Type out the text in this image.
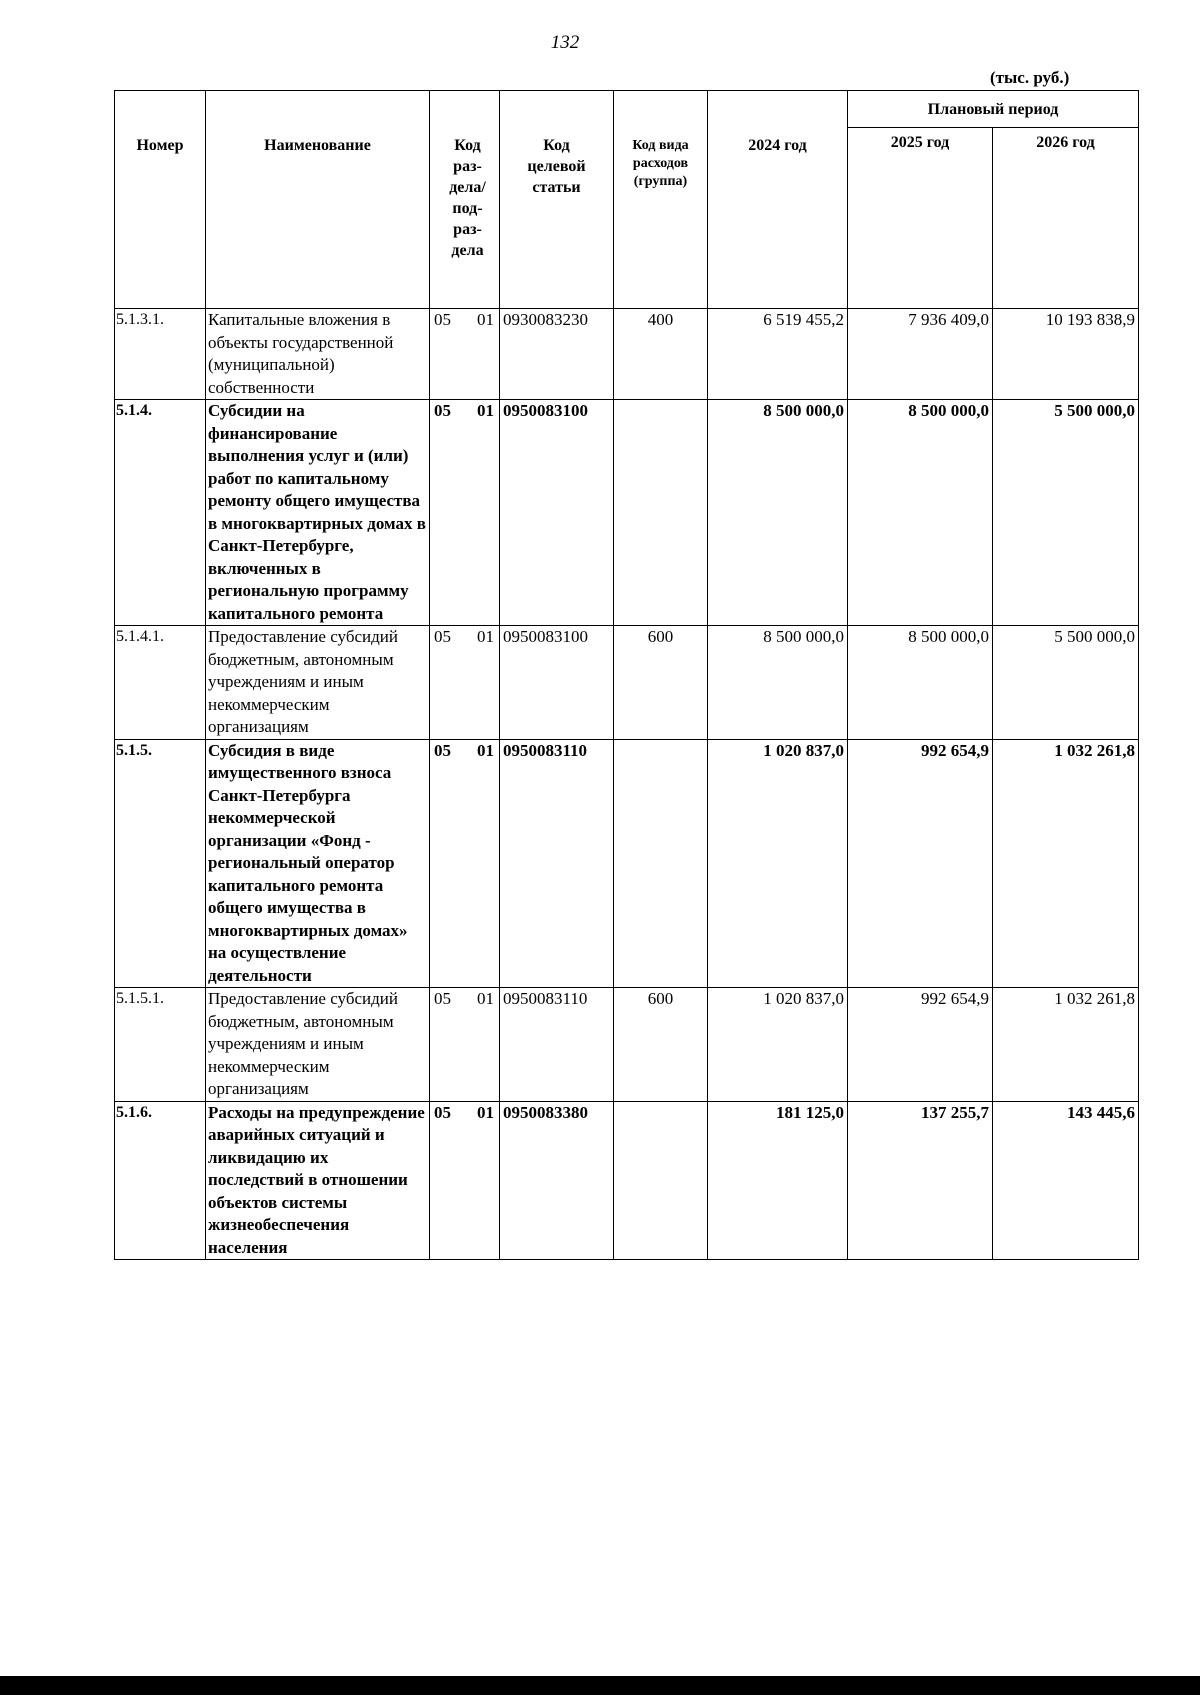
132
(тыс. руб.)
Номер	Наименование	Код раз-дела/ под-раз-дела	Код целевой статьи	Код вида расходов (группа)	2024 год	Плановый период	
						2025 год	2026 год
5.1.3.1.	Капитальные вложения в объекты государственной (муниципальной) собственности	05 01	0930083230	400	6 519 455,2	7 936 409,0	10 193 838,9
5.1.4.	Субсидии на финансирование выполнения услуг и (или) работ по капитальному ремонту общего имущества в многоквартирных домах в Санкт-Петербурге, включенных в региональную программу капитального ремонта	05 01	0950083100		8 500 000,0	8 500 000,0	5 500 000,0
5.1.4.1.	Предоставление субсидий бюджетным, автономным учреждениям и иным некоммерческим организациям	05 01	0950083100	600	8 500 000,0	8 500 000,0	5 500 000,0
5.1.5.	Субсидия в виде имущественного взноса Санкт-Петербурга некоммерческой организации «Фонд - региональный оператор капитального ремонта общего имущества в многоквартирных домах» на осуществление деятельности	05 01	0950083110		1 020 837,0	992 654,9	1 032 261,8
5.1.5.1.	Предоставление субсидий бюджетным, автономным учреждениям и иным некоммерческим организациям	05 01	0950083110	600	1 020 837,0	992 654,9	1 032 261,8
5.1.6.	Расходы на предупреждение аварийных ситуаций и ликвидацию их последствий в отношении объектов системы жизнеобеспечения населения	05 01	0950083380		181 125,0	137 255,7	143 445,6
